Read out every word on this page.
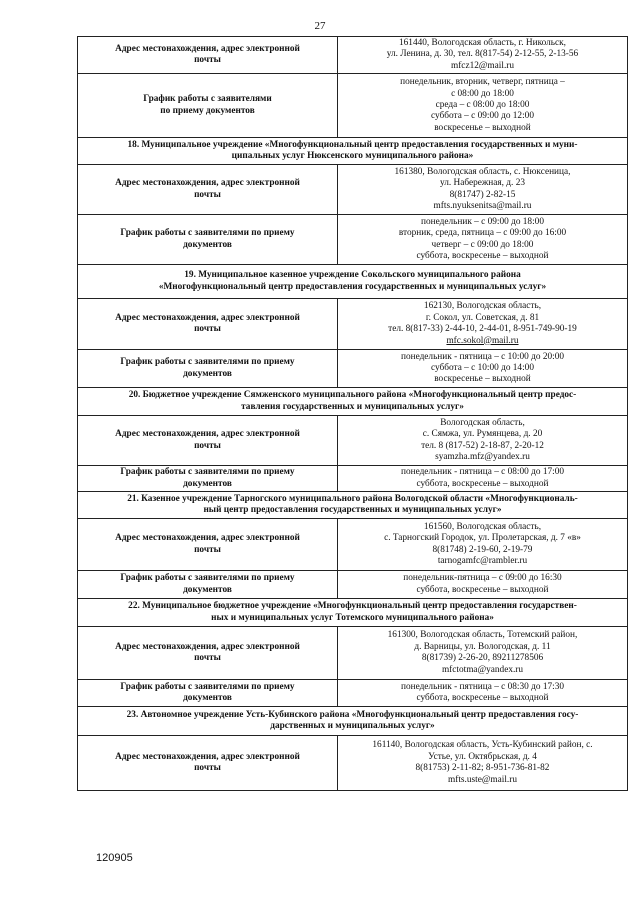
27
Адрес местонахождения, адрес электронной
почты	161440, Вологодская область, г. Никольск,
ул. Ленина, д. 30, тел. 8(817-54) 2-12-55, 2-13-56
mfcz12@mail.ru

График работы с заявителями
по приему документов	понедельник, вторник, четверг, пятница –
с 08:00 до 18:00
среда – с 08:00 до 18:00
суббота – с 09:00 до 12:00
воскресенье – выходной

18. Муниципальное учреждение «Многофункциональный центр предоставления государственных и муни-
ципальных услуг Нюксенского муниципального района»	

Адрес местонахождения, адрес электронной
почты	161380, Вологодская область, с. Нюксеница,
ул. Набережная, д. 23
8(81747) 2-82-15
mfts.nyuksenitsa@mail.ru

График работы с заявителями по приему
документов	понедельник – с 09:00 до 18:00
вторник, среда, пятница – с 09:00 до 16:00
четверг – с 09:00 до 18:00
суббота, воскресенье – выходной

19. Муниципальное казенное учреждение Сокольского муниципального района
«Многофункциональный центр предоставления государственных и муниципальных услуг»	

Адрес местонахождения, адрес электронной
почты	162130, Вологодская область,
г. Сокол, ул. Советская, д. 81
тел. 8(817-33) 2-44-10, 2-44-01, 8-951-749-90-19
mfc.sokol@mail.ru

График работы с заявителями по приему
документов	понедельник - пятница – с 10:00 до 20:00
суббота – с 10:00 до 14:00
воскресенье – выходной

20. Бюджетное учреждение Сямженского муниципального района «Многофункциональный центр предос-
тавления государственных и муниципальных услуг»	

Адрес местонахождения, адрес электронной
почты	Вологодская область,
с. Сямжа, ул. Румянцева, д. 20
тел. 8 (817-52) 2-18-87, 2-20-12
syamzha.mfz@yandex.ru

График работы с заявителями по приему
документов	понедельник - пятница – с 08:00 до 17:00
суббота, воскресенье – выходной

21. Казенное учреждение Тарногского муниципального района Вологодской области «Многофункциональ-
ный центр предоставления государственных и муниципальных услуг»	

Адрес местонахождения, адрес электронной
почты	161560, Вологодская область,
с. Тарногский Городок, ул. Пролетарская, д. 7 «в»
8(81748) 2-19-60, 2-19-79
tarnogamfc@rambler.ru

График работы с заявителями по приему
документов	понедельник-пятница – с 09:00 до 16:30
суббота, воскресенье – выходной

22. Муниципальное бюджетное учреждение «Многофункциональный центр предоставления государствен-
ных и муниципальных услуг Тотемского муниципального района»	

Адрес местонахождения, адрес электронной
почты	161300, Вологодская область, Тотемский район,
д. Варницы, ул. Вологодская, д. 11
8(81739) 2-26-20, 89211278506
mfctotma@yandex.ru

График работы с заявителями по приему
документов	понедельник - пятница – с 08:30 до 17:30
суббота, воскресенье – выходной

23. Автономное учреждение Усть-Кубинского района «Многофункциональный центр предоставления госу-
дарственных и муниципальных услуг»	

Адрес местонахождения, адрес электронной
почты	161140, Вологодская область, Усть-Кубинский район, с.
Устье, ул. Октябрьская, д. 4
8(81753) 2-11-82; 8-951-736-81-82
mfts.uste@mail.ru
120905
